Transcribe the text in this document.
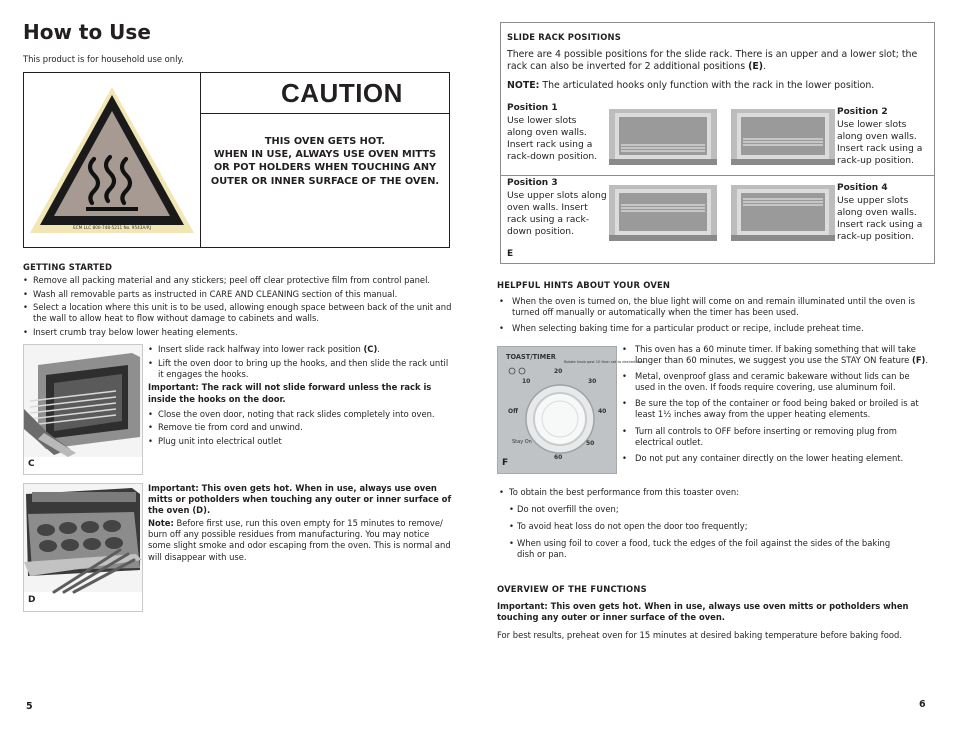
How to Use
This product is for household use only.
ECM LLC 800-748-5211 No. 9543A/RJ
CAUTION
THIS OVEN GETS HOT.
WHEN IN USE, ALWAYS USE OVEN MITTS OR POT HOLDERS WHEN TOUCHING ANY OUTER OR INNER SURFACE OF THE OVEN.
GETTING STARTED
• Remove all packing material and any stickers; peel off clear protective film from control panel.
• Wash all removable parts as instructed in CARE AND CLEANING section of this manual.
• Select a location where this unit is to be used, allowing enough space between back of the unit and the wall to allow heat to flow without damage to cabinets and walls.
• Insert crumb tray below lower heating elements.
C
• Insert slide rack halfway into lower rack position (C).
• Lift the oven door to bring up the hooks, and then slide the rack until it engages the hooks.
Important: The rack will not slide forward unless the rack is inside the hooks on the door.
• Close the oven door, noting that rack slides completely into oven.
• Remove tie from cord and unwind.
• Plug unit into electrical outlet
D
Important: This oven gets hot. When in use, always use oven mitts or potholders when touching any outer or inner surface of the oven (D).
Note: Before first use, run this oven empty for 15 minutes to remove/ burn off any possible residues from manufacturing. You may notice some slight smoke and odor escaping from the oven. This is normal and will disappear with use.
5
SLIDE RACK POSITIONS
There are 4 possible positions for the slide rack. There is an upper and a lower slot; the rack can also be inverted for 2 additional positions (E).
NOTE: The articulated hooks only function with the rack in the lower position.
Position 1
Use lower slots along oven walls. Insert rack using a rack-down position.
Position 2
Use lower slots along oven walls. Insert rack using a rack-up position.
Position 3
Use upper slots along oven walls. Insert rack using a rack-down position.
Position 4
Use upper slots along oven walls. Insert rack using a rack-up position.
E
HELPFUL HINTS ABOUT YOUR OVEN
• When the oven is turned on, the blue light will come on and remain illuminated until the oven is turned off manually or automatically when the timer has been used.
• When selecting baking time for a particular product or recipe, include preheat time.
TOAST/TIMER
Rotate knob past 10 then set to desired time
10
20
30
40
50
60
Off
Stay On
F
• This oven has a 60 minute timer. If baking something that will take longer than 60 minutes, we suggest you use the STAY ON feature (F).
• Metal, ovenproof glass and ceramic bakeware without lids can be used in the oven. If foods require covering, use aluminum foil.
• Be sure the top of the container or food being baked or broiled is at least 1½ inches away from the upper heating elements.
• Turn all controls to OFF before inserting or removing plug from electrical outlet.
• Do not put any container directly on the lower heating element.
• To obtain the best performance from this toaster oven:
• Do not overfill the oven;
• To avoid heat loss do not open the door too frequently;
• When using foil to cover a food, tuck the edges of the foil against the sides of the baking dish or pan.
OVERVIEW OF THE FUNCTIONS
Important: This oven gets hot. When in use, always use oven mitts or potholders when touching any outer or inner surface of the oven.
For best results, preheat oven for 15 minutes at desired baking temperature before baking food.
6
